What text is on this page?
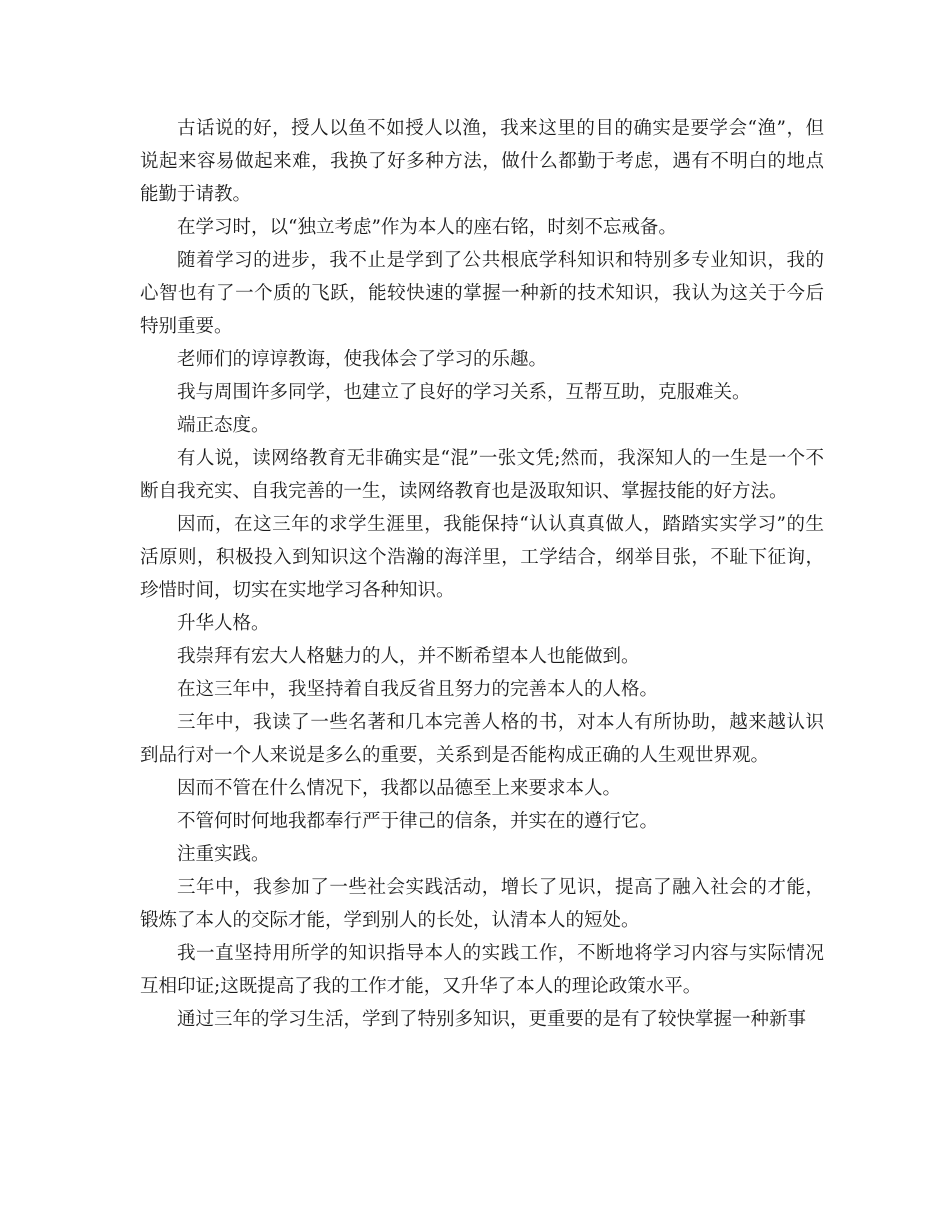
古话说的好，授人以鱼不如授人以渔，我来这里的目的确实是要学会“渔”，但说起来容易做起来难，我换了好多种方法，做什么都勤于考虑，遇有不明白的地点能勤于请教。

在学习时，以“独立考虑”作为本人的座右铭，时刻不忘戒备。

随着学习的进步，我不止是学到了公共根底学科知识和特别多专业知识，我的心智也有了一个质的飞跃，能较快速的掌握一种新的技术知识，我认为这关于今后特别重要。

老师们的谆谆教诲，使我体会了学习的乐趣。

我与周围许多同学，也建立了良好的学习关系，互帮互助，克服难关。

端正态度。

有人说，读网络教育无非确实是“混”一张文凭;然而，我深知人的一生是一个不断自我充实、自我完善的一生，读网络教育也是汲取知识、掌握技能的好方法。

因而，在这三年的求学生涯里，我能保持“认认真真做人，踏踏实实学习”的生活原则，积极投入到知识这个浩瀚的海洋里，工学结合，纲举目张，不耻下征询，珍惜时间，切实在实地学习各种知识。

升华人格。

我崇拜有宏大人格魅力的人，并不断希望本人也能做到。

在这三年中，我坚持着自我反省且努力的完善本人的人格。

三年中，我读了一些名著和几本完善人格的书，对本人有所协助，越来越认识到品行对一个人来说是多么的重要，关系到是否能构成正确的人生观世界观。

因而不管在什么情况下，我都以品德至上来要求本人。

不管何时何地我都奉行严于律己的信条，并实在的遵行它。

注重实践。

三年中，我参加了一些社会实践活动，增长了见识，提高了融入社会的才能，锻炼了本人的交际才能，学到别人的长处，认清本人的短处。

我一直坚持用所学的知识指导本人的实践工作，不断地将学习内容与实际情况互相印证;这既提高了我的工作才能，又升华了本人的理论政策水平。

通过三年的学习生活，学到了特别多知识，更重要的是有了较快掌握一种新事
